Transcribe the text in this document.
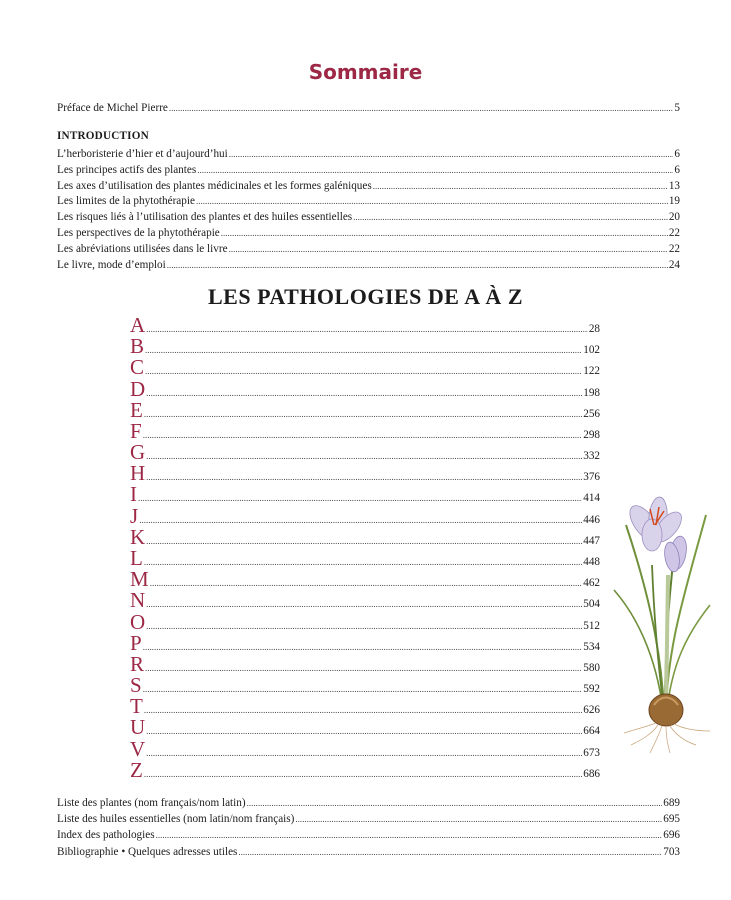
Sommaire
Préface de Michel Pierre .....	5
INTRODUCTION
L’herboristerie d’hier et d’aujourd’hui .....	6
Les principes actifs des plantes .....	6
Les axes d’utilisation des plantes médicinales et les formes galéniques .....	13
Les limites de la phytothérapie .....	19
Les risques liés à l’utilisation des plantes et des huiles essentielles .....	20
Les perspectives de la phytothérapie .....	22
Les abréviations utilisées dans le livre .....	22
Le livre, mode d’emploi .....	24
LES PATHOLOGIES DE A À Z
A .....	28
B .....	102
C .....	122
D .....	198
E .....	256
F .....	298
G .....	332
H .....	376
I .....	414
J .....	446
K .....	447
L .....	448
M .....	462
N .....	504
O .....	512
P .....	534
R .....	580
S .....	592
T .....	626
U .....	664
V .....	673
Z .....	686
Liste des plantes (nom français/nom latin) .....	689
Liste des huiles essentielles (nom latin/nom français) .....	695
Index des pathologies .....	696
Bibliographie • Quelques adresses utiles .....	703
